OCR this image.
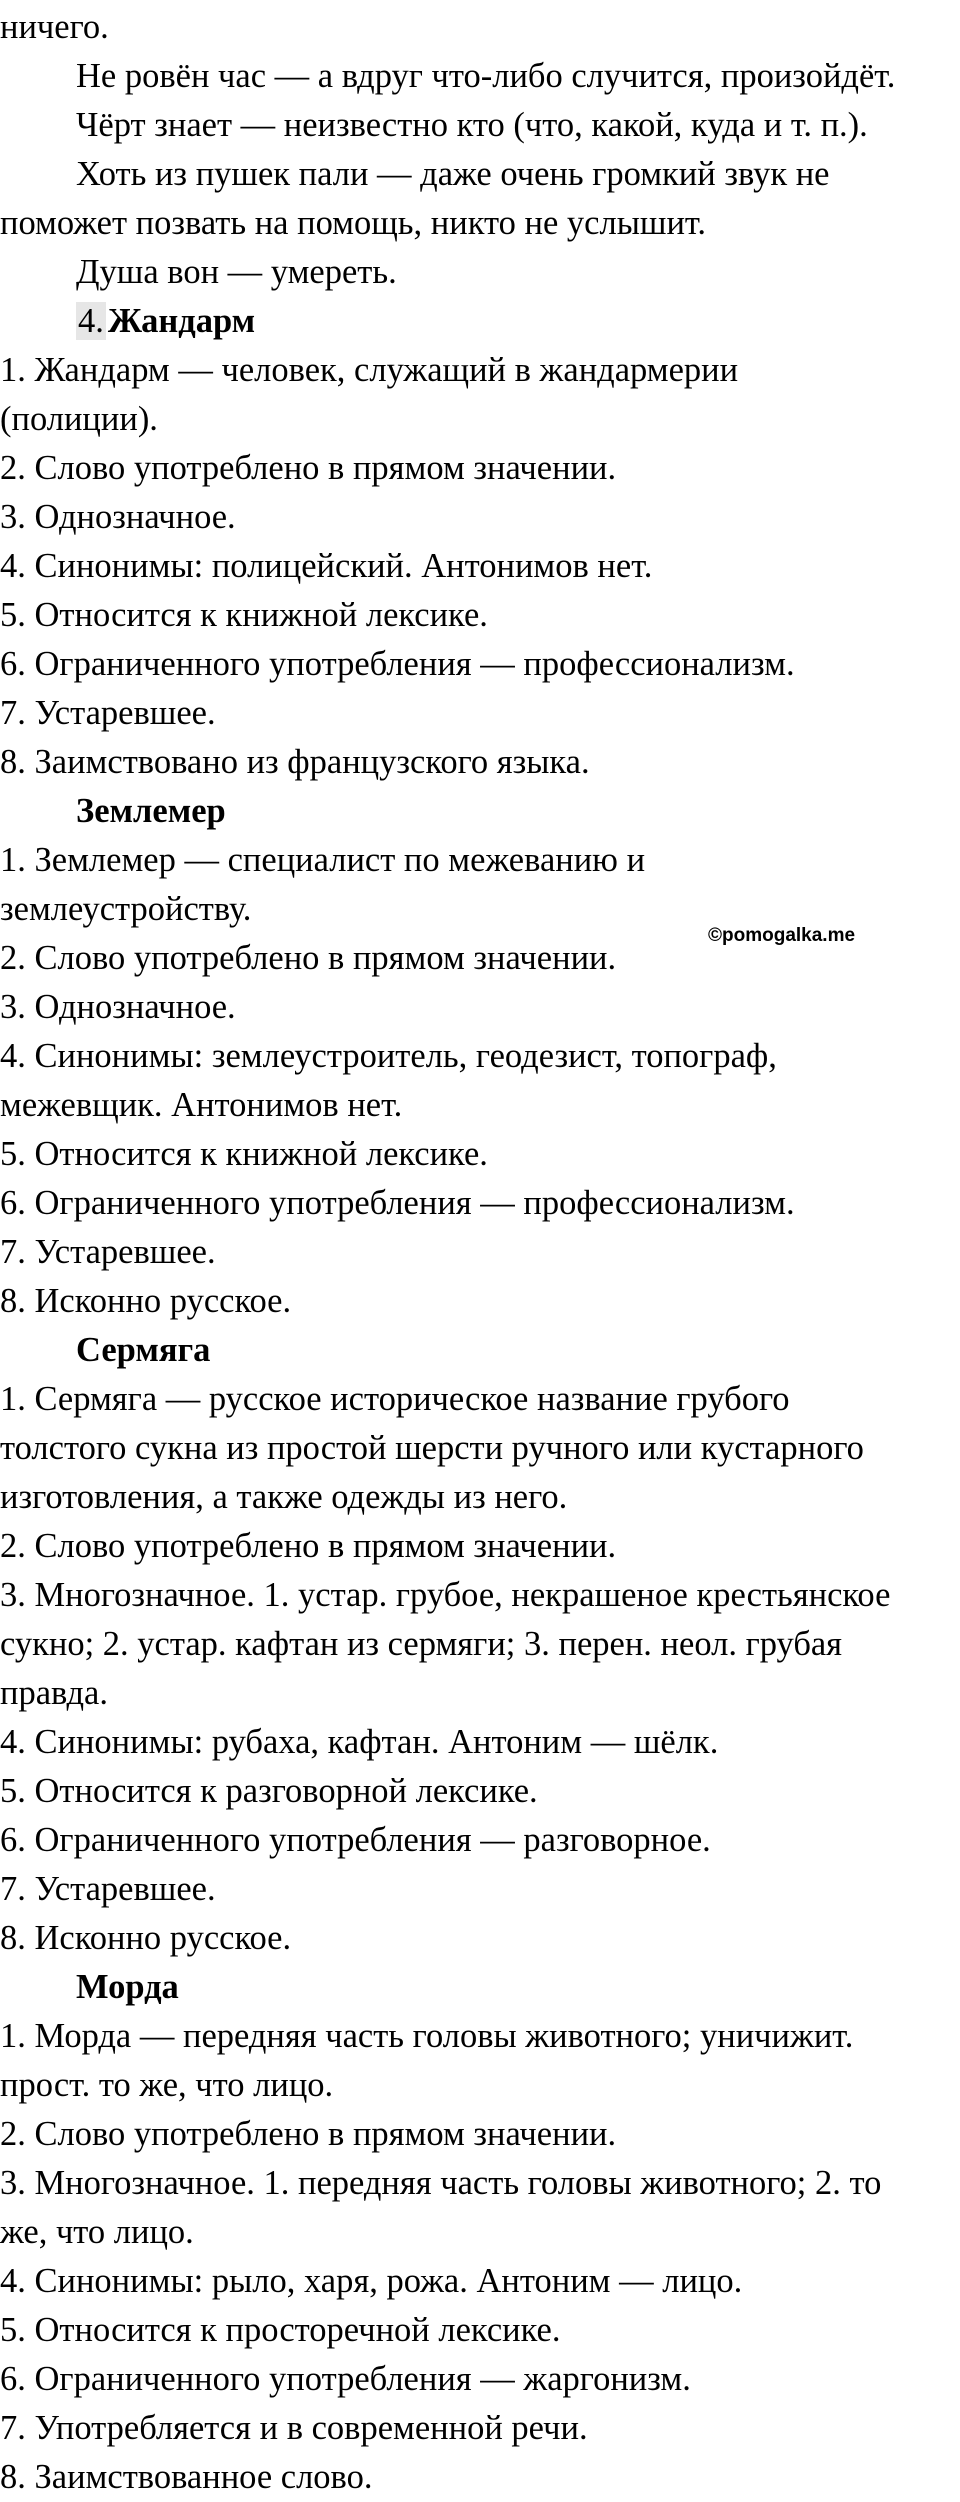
ничего.
Не ровён час — а вдруг что-либо случится, произойдёт.
Чёрт знает — неизвестно кто (что, какой, куда и т. п.).
Хоть из пушек пали — даже очень громкий звук не
поможет позвать на помощь, никто не услышит.
Душа вон — умереть.
4. Жандарм
1. Жандарм — человек, служащий в жандармерии
(полиции).
2. Слово употреблено в прямом значении.
3. Однозначное.
4. Синонимы: полицейский. Антонимов нет.
5. Относится к книжной лексике.
6. Ограниченного употребления — профессионализм.
7. Устаревшее.
8. Заимствовано из французского языка.
Землемер
1. Землемер — специалист по межеванию и
землеустройству.
2. Слово употреблено в прямом значении.
3. Однозначное.
4. Синонимы: землеустроитель, геодезист, топограф,
межевщик. Антонимов нет.
5. Относится к книжной лексике.
6. Ограниченного употребления — профессионализм.
7. Устаревшее.
8. Исконно русское.
©pomogalka.me
Сермяга
1. Сермяга — русское историческое название грубого
толстого сукна из простой шерсти ручного или кустарного
изготовления, а также одежды из него.
2. Слово употреблено в прямом значении.
3. Многозначное. 1. устар. грубое, некрашеное крестьянское
сукно; 2. устар. кафтан из сермяги; 3. перен. неол. грубая
правда.
4. Синонимы: рубаха, кафтан. Антоним — шёлк.
5. Относится к разговорной лексике.
6. Ограниченного употребления — разговорное.
7. Устаревшее.
8. Исконно русское.
Морда
1. Морда — передняя часть головы животного; уничижит.
прост. то же, что лицо.
2. Слово употреблено в прямом значении.
3. Многозначное. 1. передняя часть головы животного; 2. то
же, что лицо.
4. Синонимы: рыло, харя, рожа. Антоним — лицо.
5. Относится к просторечной лексике.
6. Ограниченного употребления — жаргонизм.
7. Употребляется и в современной речи.
8. Заимствованное слово.
